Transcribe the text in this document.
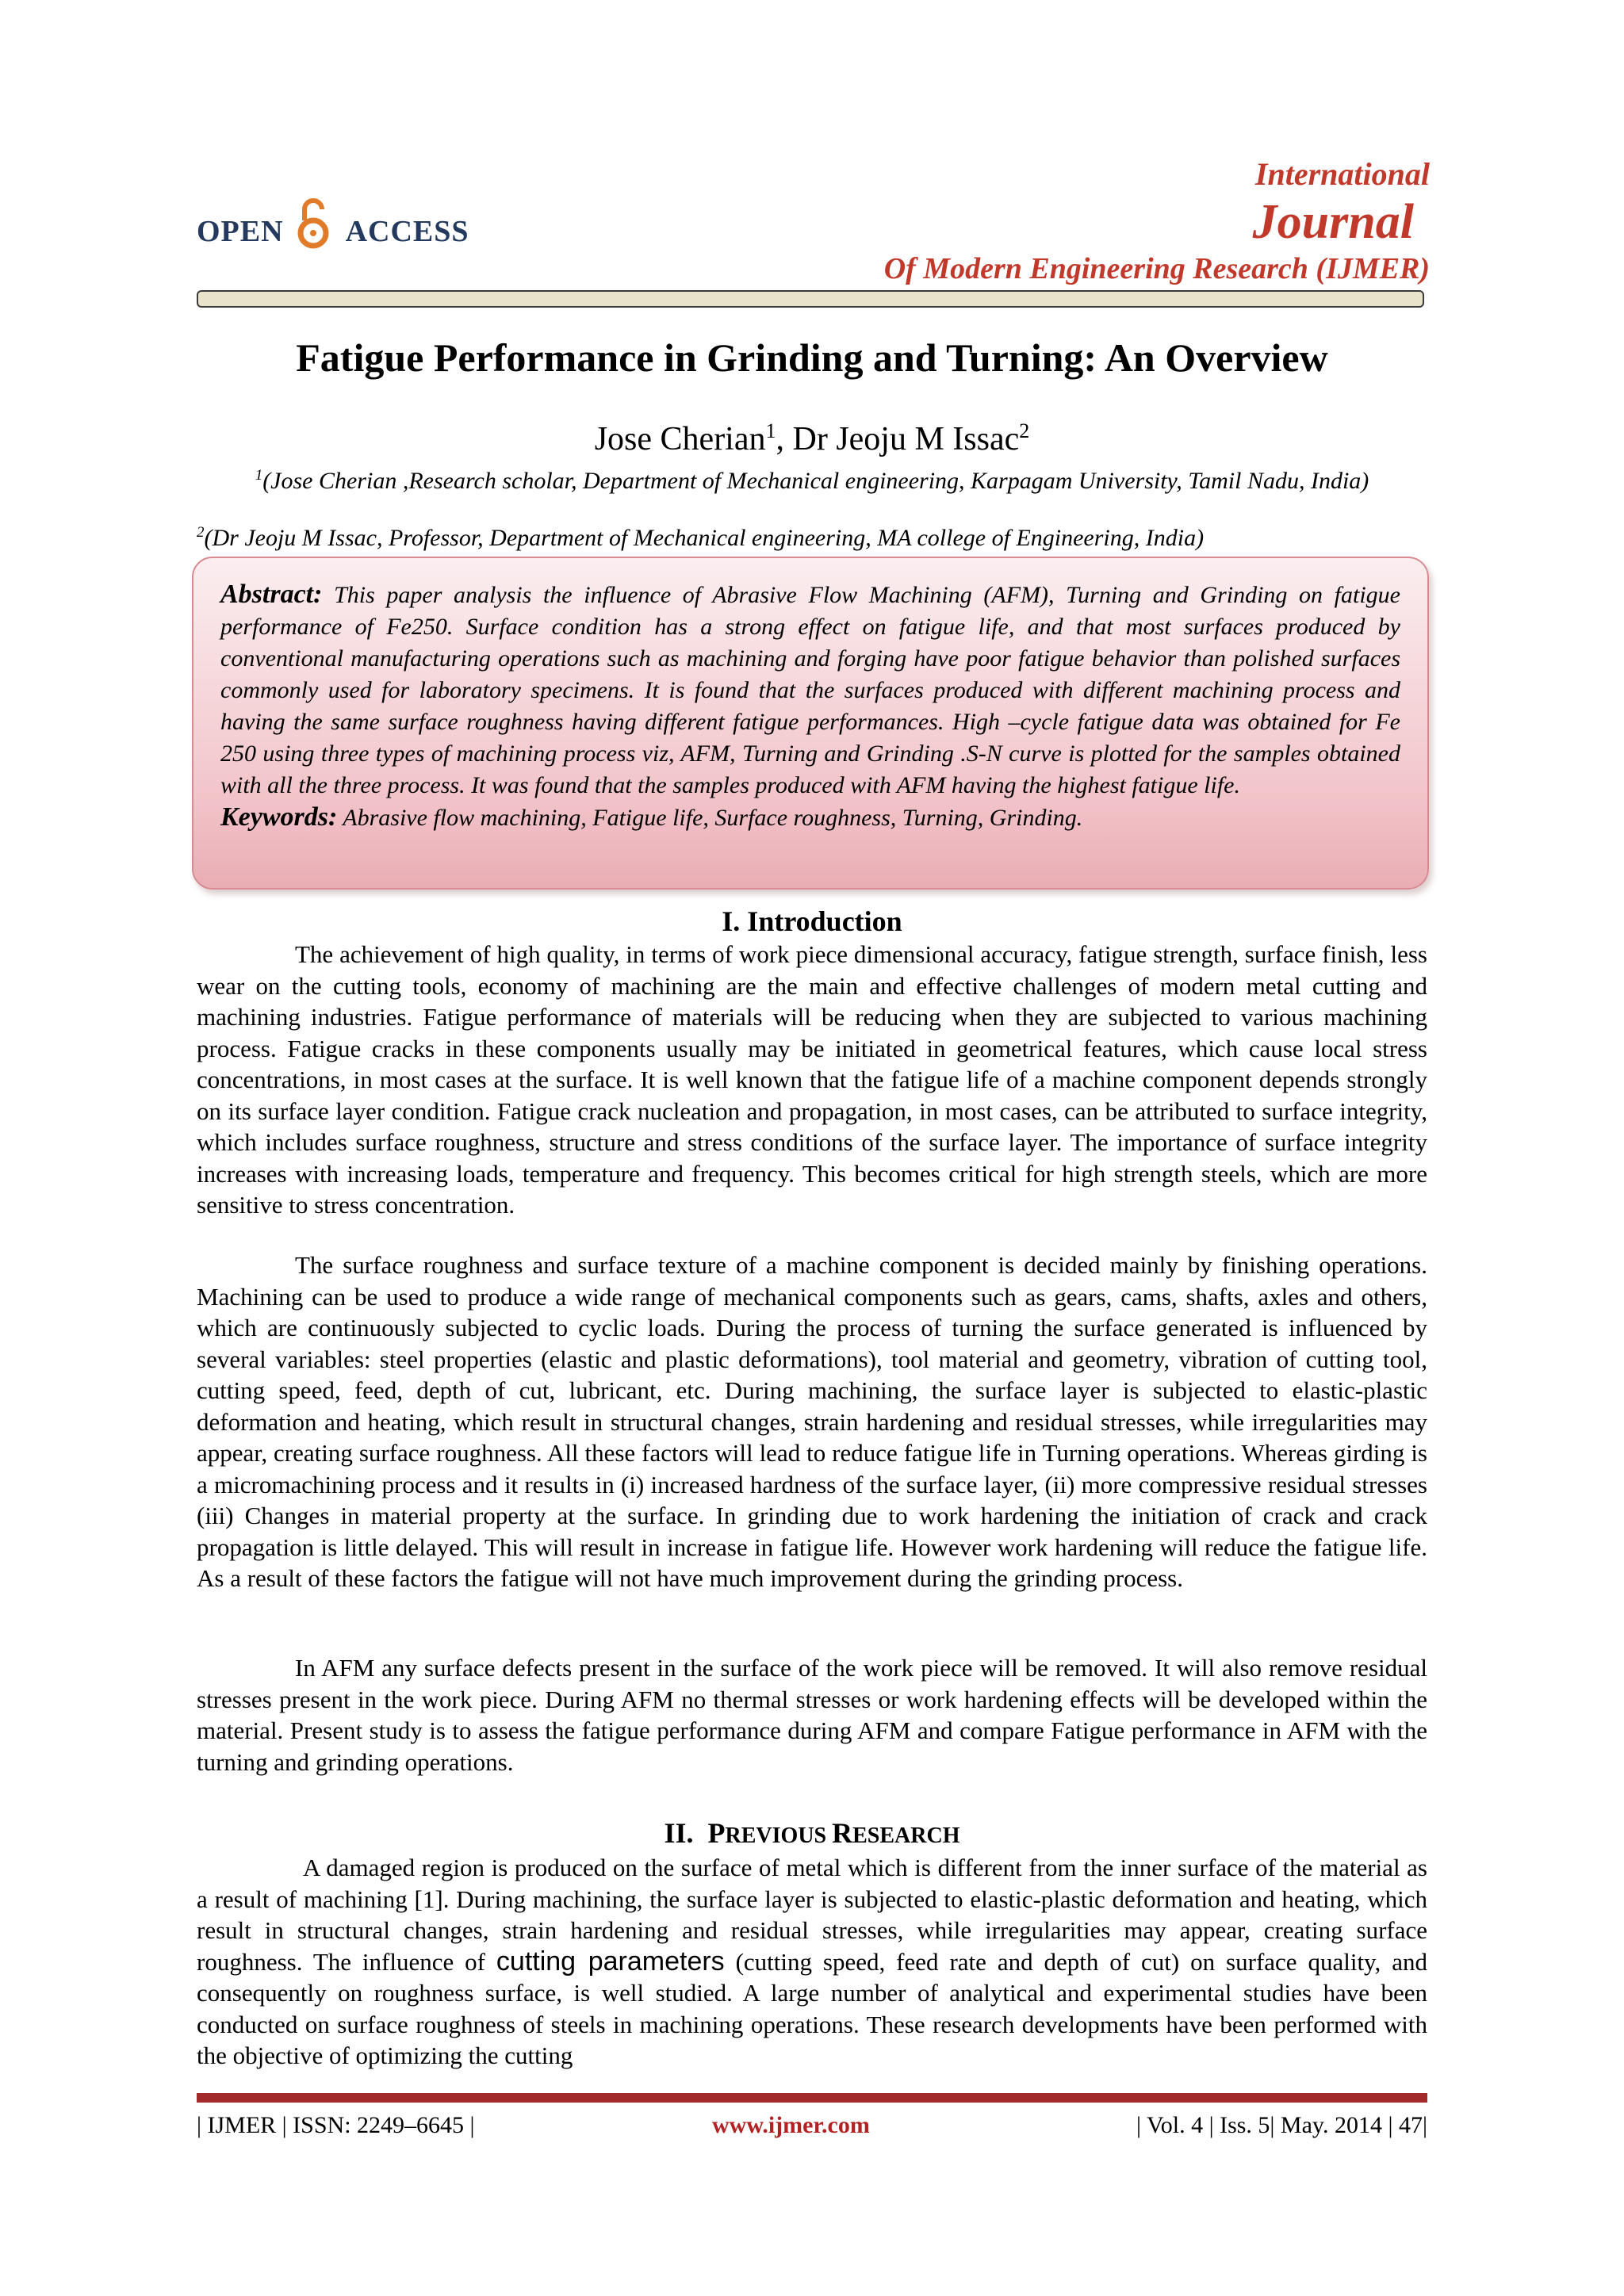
OPEN ACCESS
International
Journal
Of Modern Engineering Research (IJMER)
Fatigue Performance in Grinding and Turning: An Overview
Jose Cherian$^1$, Dr Jeoju M Issac$^2$
$^1$(Jose Cherian ,Research scholar, Department of Mechanical engineering, Karpagam University, Tamil Nadu, India)
$^2$(Dr Jeoju M Issac, Professor, Department of Mechanical engineering, MA college of Engineering, India)

Abstract: This paper analysis the influence of Abrasive Flow Machining (AFM), Turning and Grinding on fatigue performance of Fe250. Surface condition has a strong effect on fatigue life, and that most surfaces produced by conventional manufacturing operations such as machining and forging have poor fatigue behavior than polished surfaces commonly used for laboratory specimens. It is found that the surfaces produced with different machining process and having the same surface roughness having different fatigue performances. High –cycle fatigue data was obtained for Fe 250 using three types of machining process viz, AFM, Turning and Grinding .S-N curve is plotted for the samples obtained with all the three process. It was found that the samples produced with AFM having the highest fatigue life.

Keywords: Abrasive flow machining, Fatigue life, Surface roughness, Turning, Grinding.

I. Introduction

The achievement of high quality, in terms of work piece dimensional accuracy, fatigue strength, surface finish, less wear on the cutting tools, economy of machining are the main and effective challenges of modern metal cutting and machining industries. Fatigue performance of materials will be reducing when they are subjected to various machining process. Fatigue cracks in these components usually may be initiated in geometrical features, which cause local stress concentrations, in most cases at the surface. It is well known that the fatigue life of a machine component depends strongly on its surface layer condition. Fatigue crack nucleation and propagation, in most cases, can be attributed to surface integrity, which includes surface roughness, structure and stress conditions of the surface layer. The importance of surface integrity increases with increasing loads, temperature and frequency. This becomes critical for high strength steels, which are more sensitive to stress concentration.

The surface roughness and surface texture of a machine component is decided mainly by finishing operations. Machining can be used to produce a wide range of mechanical components such as gears, cams, shafts, axles and others, which are continuously subjected to cyclic loads. During the process of turning the surface generated is influenced by several variables: steel properties (elastic and plastic deformations), tool material and geometry, vibration of cutting tool, cutting speed, feed, depth of cut, lubricant, etc. During machining, the surface layer is subjected to elastic-plastic deformation and heating, which result in structural changes, strain hardening and residual stresses, while irregularities may appear, creating surface roughness. All these factors will lead to reduce fatigue life in Turning operations. Whereas girding is a micromachining process and it results in (i) increased hardness of the surface layer, (ii) more compressive residual stresses (iii) Changes in material property at the surface. In grinding due to work hardening the initiation of crack and crack propagation is little delayed. This will result in increase in fatigue life. However work hardening will reduce the fatigue life. As a result of these factors the fatigue will not have much improvement during the grinding process.

In AFM any surface defects present in the surface of the work piece will be removed. It will also remove residual stresses present in the work piece. During AFM no thermal stresses or work hardening effects will be developed within the material. Present study is to assess the fatigue performance during AFM and compare Fatigue performance in AFM with the turning and grinding operations.

II. PREVIOUS RESEARCH

A damaged region is produced on the surface of metal which is different from the inner surface of the material as a result of machining [1]. During machining, the surface layer is subjected to elastic-plastic deformation and heating, which result in structural changes, strain hardening and residual stresses, while irregularities may appear, creating surface roughness. The influence of cutting parameters (cutting speed, feed rate and depth of cut) on surface quality, and consequently on roughness surface, is well studied. A large number of analytical and experimental studies have been conducted on surface roughness of steels in machining operations. These research developments have been performed with the objective of optimizing the cutting

| IJMER | ISSN: 2249–6645 |	www.ijmer.com	| Vol. 4 | Iss. 5| May. 2014 | 47|
